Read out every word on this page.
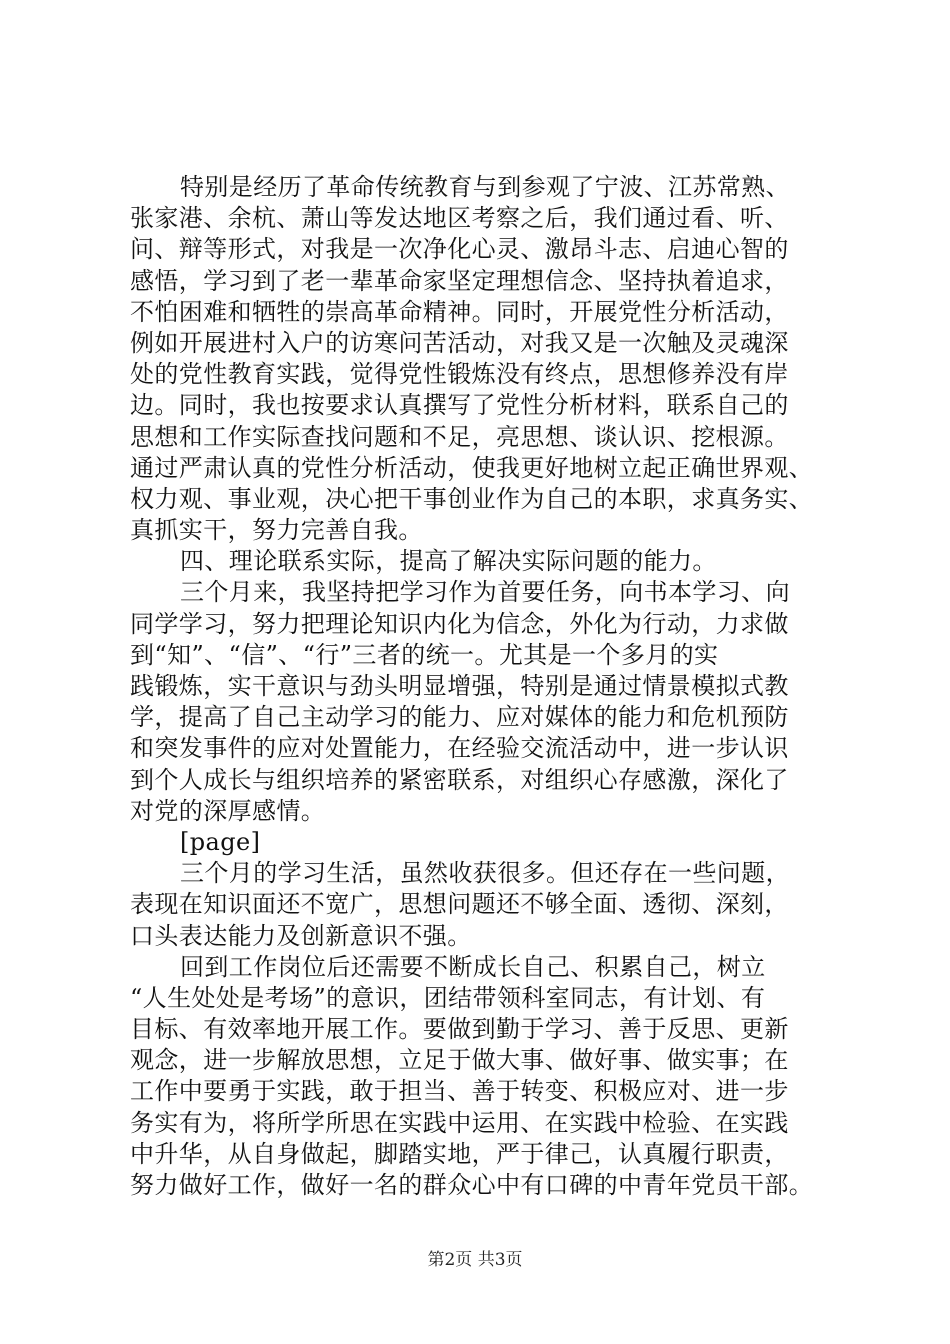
特别是经历了革命传统教育与到参观了宁波、江苏常熟、
张家港、余杭、萧山等发达地区考察之后，我们通过看、听、
问、辩等形式，对我是一次净化心灵、激昂斗志、启迪心智的
感悟，学习到了老一辈革命家坚定理想信念、坚持执着追求，
不怕困难和牺牲的崇高革命精神。同时，开展党性分析活动，
例如开展进村入户的访寒问苦活动，对我又是一次触及灵魂深
处的党性教育实践，觉得党性锻炼没有终点，思想修养没有岸
边。同时，我也按要求认真撰写了党性分析材料，联系自己的
思想和工作实际查找问题和不足，亮思想、谈认识、挖根源。
通过严肃认真的党性分析活动，使我更好地树立起正确世界观、
权力观、事业观，决心把干事创业作为自己的本职，求真务实、
真抓实干，努力完善自我。
四、理论联系实际，提高了解决实际问题的能力。
三个月来，我坚持把学习作为首要任务，向书本学习、向
同学学习，努力把理论知识内化为信念，外化为行动，力求做
到“知”、“信”、“行”三者的统一。尤其是一个多月的实
践锻炼，实干意识与劲头明显增强，特别是通过情景模拟式教
学，提高了自己主动学习的能力、应对媒体的能力和危机预防
和突发事件的应对处置能力，在经验交流活动中，进一步认识
到个人成长与组织培养的紧密联系，对组织心存感激，深化了
对党的深厚感情。
[page]
三个月的学习生活，虽然收获很多。但还存在一些问题，
表现在知识面还不宽广，思想问题还不够全面、透彻、深刻，
口头表达能力及创新意识不强。
回到工作岗位后还需要不断成长自己、积累自己，树立
“人生处处是考场”的意识，团结带领科室同志，有计划、有
目标、有效率地开展工作。要做到勤于学习、善于反思、更新
观念，进一步解放思想，立足于做大事、做好事、做实事；在
工作中要勇于实践，敢于担当、善于转变、积极应对、进一步
务实有为，将所学所思在实践中运用、在实践中检验、在实践
中升华，从自身做起，脚踏实地，严于律己，认真履行职责，
努力做好工作，做好一名的群众心中有口碑的中青年党员干部。
第2页 共3页
